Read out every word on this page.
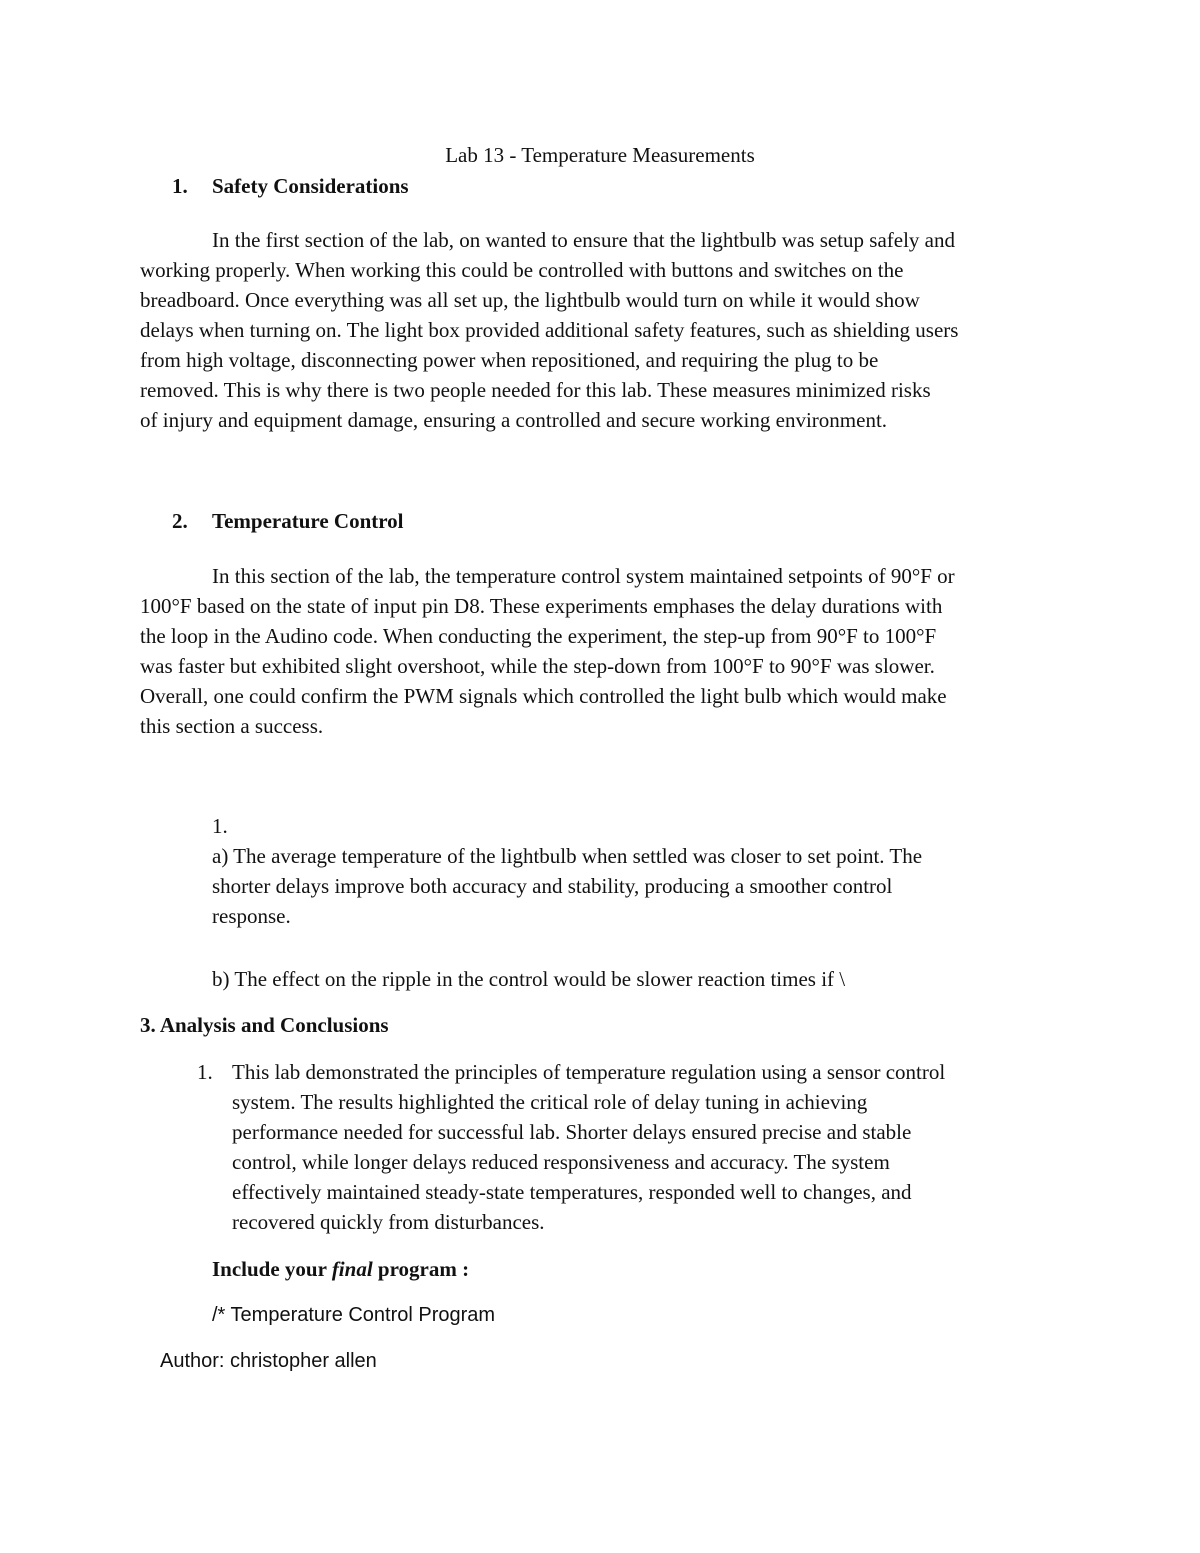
Lab 13 - Temperature Measurements
1. Safety Considerations
In the first section of the lab, on wanted to ensure that the lightbulb was setup safely and
working properly. When working this could be controlled with buttons and switches on the
breadboard. Once everything was all set up, the lightbulb would turn on while it would show
delays when turning on. The light box provided additional safety features, such as shielding users
from high voltage, disconnecting power when repositioned, and requiring the plug to be
removed. This is why there is two people needed for this lab. These measures minimized risks
of injury and equipment damage, ensuring a controlled and secure working environment.
2. Temperature Control
In this section of the lab, the temperature control system maintained setpoints of 90°F or
100°F based on the state of input pin D8. These experiments emphases the delay durations with
the loop in the Audino code. When conducting the experiment, the step-up from 90°F to 100°F
was faster but exhibited slight overshoot, while the step-down from 100°F to 90°F was slower.
Overall, one could confirm the PWM signals which controlled the light bulb which would make
this section a success.
1.
a) The average temperature of the lightbulb when settled was closer to set point. The
shorter delays improve both accuracy and stability, producing a smoother control
response.
b) The effect on the ripple in the control would be slower reaction times if \
3. Analysis and Conclusions
1. This lab demonstrated the principles of temperature regulation using a sensor control
system. The results highlighted the critical role of delay tuning in achieving
performance needed for successful lab. Shorter delays ensured precise and stable
control, while longer delays reduced responsiveness and accuracy. The system
effectively maintained steady-state temperatures, responded well to changes, and
recovered quickly from disturbances.
Include your final program :
/* Temperature Control Program
Author: christopher allen
